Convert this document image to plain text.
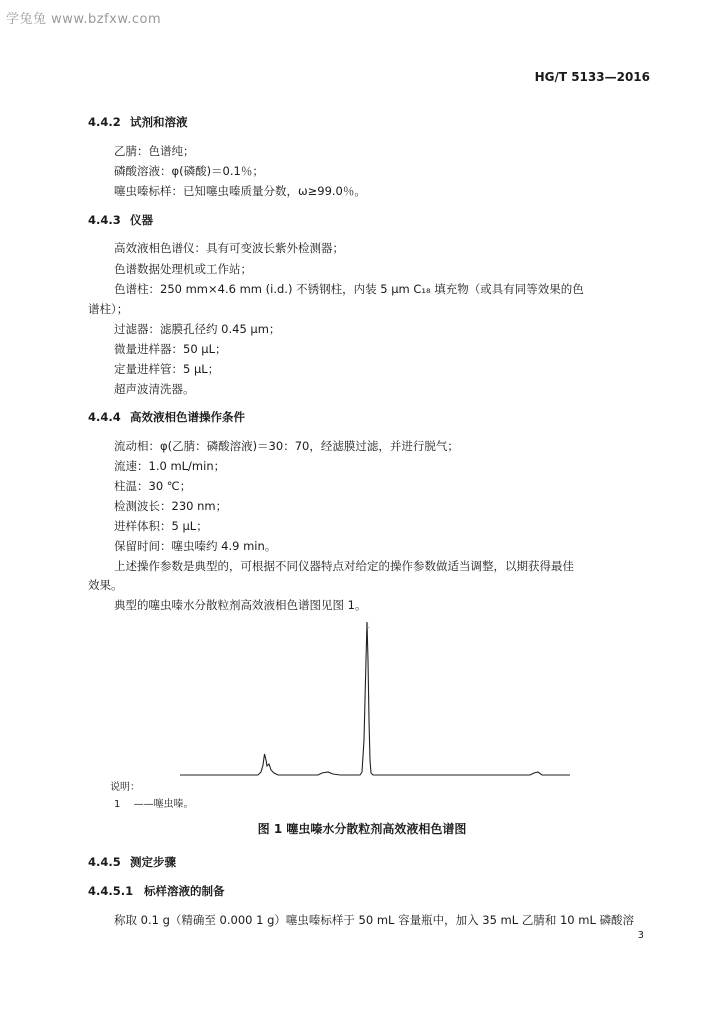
学兔兔 www.bzfxw.com
HG/T 5133—2016
4.4.2 试剂和溶液
乙腈：色谱纯；
磷酸溶液：φ(磷酸)＝0.1％；
噻虫嗪标样：已知噻虫嗪质量分数，ω≥99.0％。
4.4.3 仪器
高效液相色谱仪：具有可变波长紫外检测器；
色谱数据处理机或工作站；
色谱柱：250 mm×4.6 mm (i.d.) 不锈钢柱，内装 5 μm C₁₈ 填充物（或具有同等效果的色
谱柱）；
过滤器：滤膜孔径约 0.45 μm；
微量进样器：50 μL；
定量进样管：5 μL；
超声波清洗器。
4.4.4 高效液相色谱操作条件
流动相：φ(乙腈：磷酸溶液)＝30：70，经滤膜过滤，并进行脱气；
流速：1.0 mL/min；
柱温：30 ℃；
检测波长：230 nm；
进样体积：5 μL；
保留时间：噻虫嗪约 4.9 min。
上述操作参数是典型的，可根据不同仪器特点对给定的操作参数做适当调整，以期获得最佳
效果。
典型的噻虫嗪水分散粒剂高效液相色谱图见图 1。
1
说明：
1 ——噻虫嗪。
图 1 噻虫嗪水分散粒剂高效液相色谱图
4.4.5 测定步骤
4.4.5.1 标样溶液的制备
称取 0.1 g（精确至 0.000 1 g）噻虫嗪标样于 50 mL 容量瓶中，加入 35 mL 乙腈和 10 mL 磷酸溶
3
